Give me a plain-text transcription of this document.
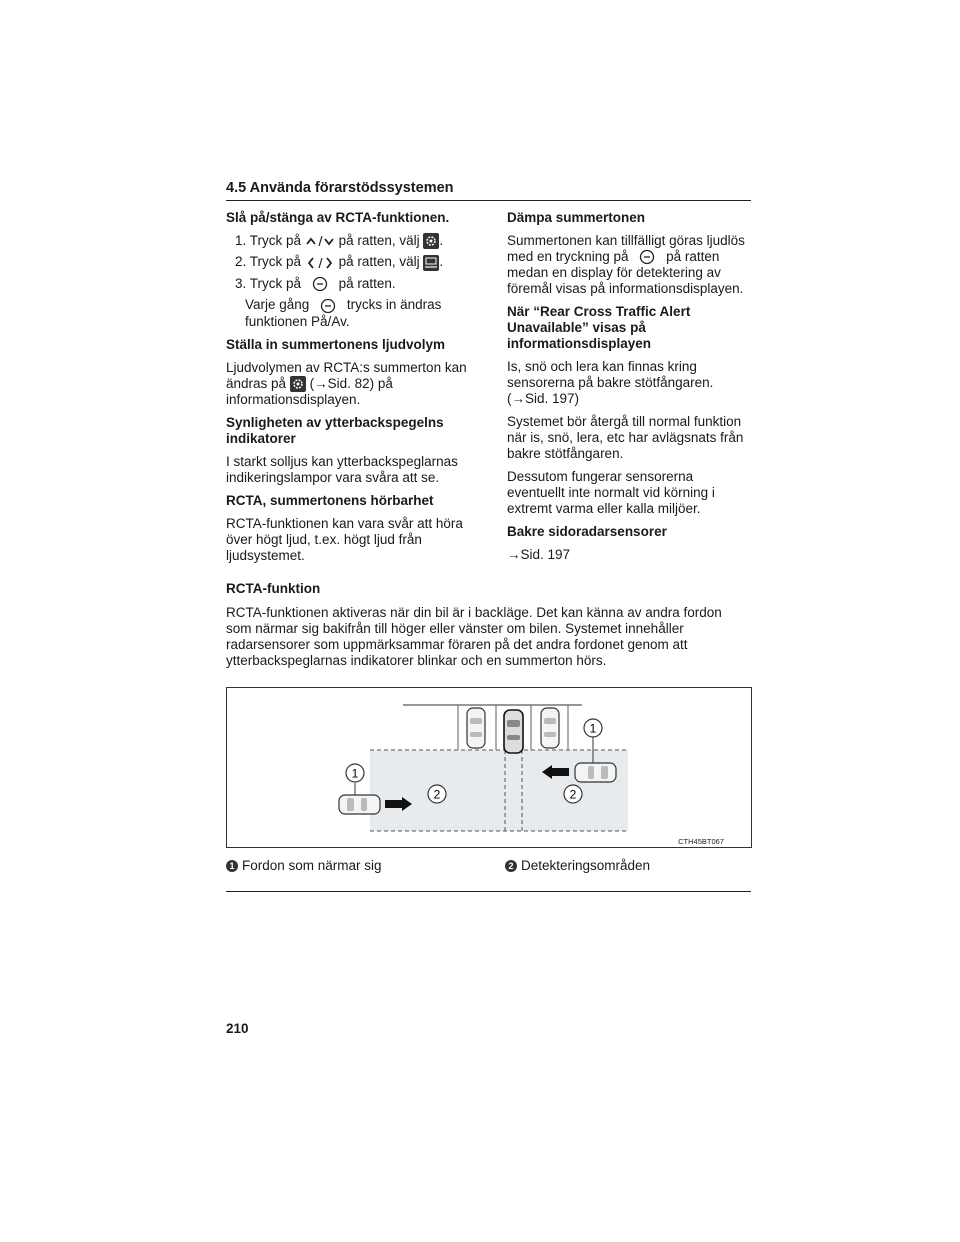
4.5 Använda förarstödssystemen
Slå på/stänga av RCTA-funktionen.

1. Tryck på	på ratten, välj .

2. Tryck på	på ratten, välj .

3. Tryck på	på ratten.

Varje gång	trycks in ändras funktionen På/Av.

Ställa in summertonens ljudvolym

Ljudvolymen av RCTA:s summerton kan ändras på (→Sid. 82) på informationsdisplayen.

Synligheten av ytterbackspegelns indikatorer

I starkt solljus kan ytterbackspeglarnas indikeringslampor vara svåra att se.

RCTA, summertonens hörbarhet

RCTA-funktionen kan vara svår att höra över högt ljud, t.ex. högt ljud från ljudsystemet.

Dämpa summertonen

Summertonen kan tillfälligt göras ljudlös med en tryckning på	på ratten medan en display för detektering av föremål visas på informationsdisplayen.

När “Rear Cross Traffic Alert Unavailable” visas på informationsdisplayen

Is, snö och lera kan finnas kring sensorerna på bakre stötfångaren. (→Sid. 197)

Systemet bör återgå till normal funktion när is, snö, lera, etc har avlägsnats från bakre stötfångaren.

Dessutom fungerar sensorerna eventuellt inte normalt vid körning i extremt varma eller kalla miljöer.

Bakre sidoradarsensorer

→Sid. 197

RCTA-funktion

RCTA-funktionen aktiveras när din bil är i backläge. Det kan känna av andra fordon som närmar sig bakifrån till höger eller vänster om bilen. Systemet innehåller radarsensorer som uppmärksammar föraren på det andra fordonet genom att ytterbackspeglarnas indikatorer blinkar och en summerton hörs.

1
1
2	2
CTH45BT067
1 Fordon som närmar sig	2 Detekteringsområden
210
